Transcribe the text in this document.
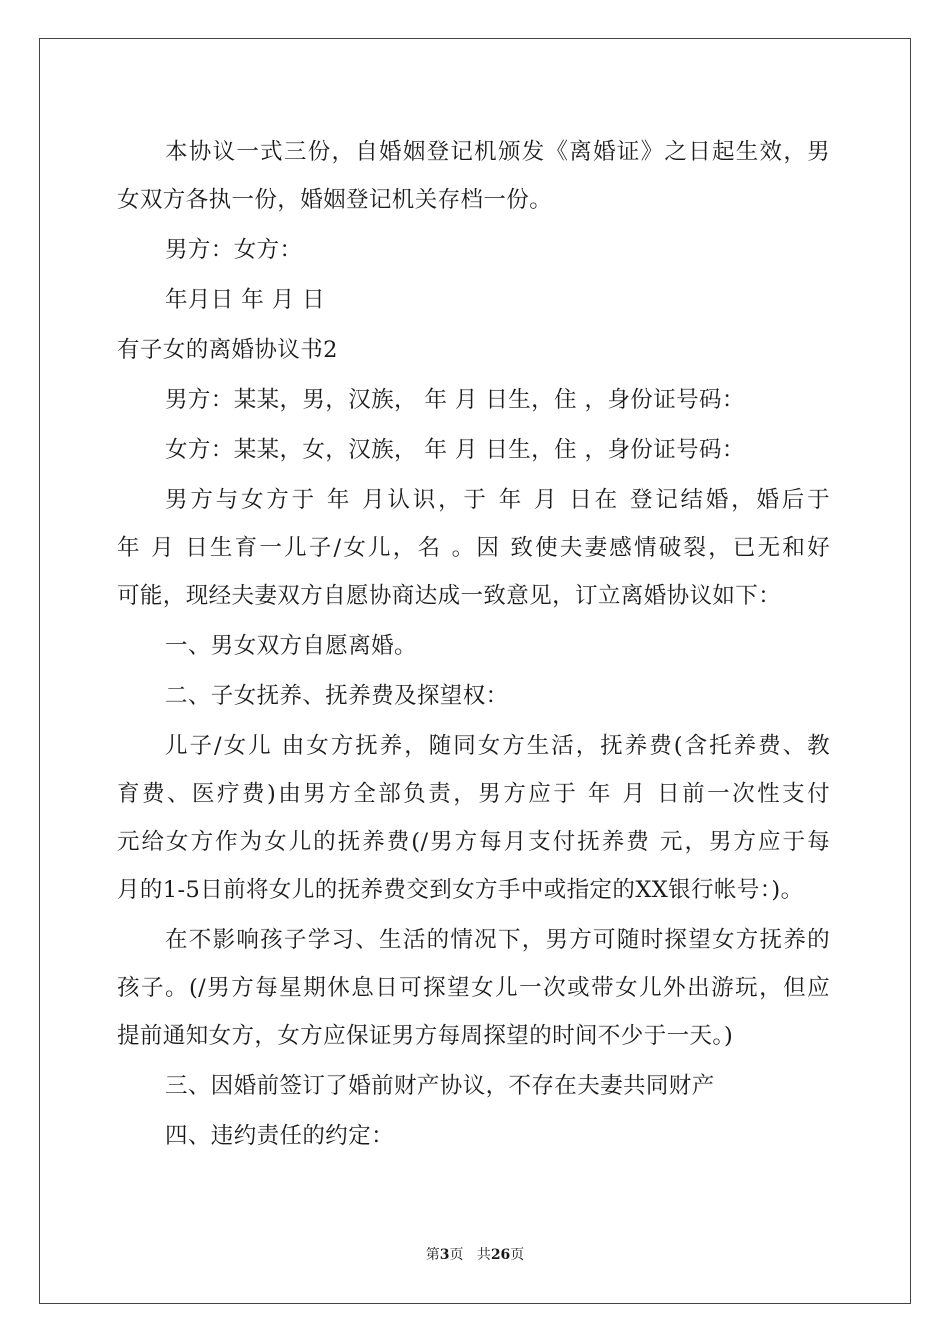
本协议一式三份，自婚姻登记机颁发《离婚证》之日起生效，男
女双方各执一份，婚姻登记机关存档一份。
男方：女方：
年月日 年 月 日
有子女的离婚协议书2
男方：某某，男，汉族， 年 月 日生，住 ，身份证号码：
女方：某某，女，汉族， 年 月 日生，住 ，身份证号码：
男方与女方于 年 月认识，于 年 月 日在 登记结婚，婚后于
年 月 日生育一儿子/女儿，名 。因 致使夫妻感情破裂，已无和好
可能，现经夫妻双方自愿协商达成一致意见，订立离婚协议如下：
一、男女双方自愿离婚。
二、子女抚养、抚养费及探望权：
儿子/女儿 由女方抚养，随同女方生活，抚养费(含托养费、教
育费、医疗费)由男方全部负责，男方应于 年 月 日前一次性支付
元给女方作为女儿的抚养费(/男方每月支付抚养费 元，男方应于每
月的1-5日前将女儿的抚养费交到女方手中或指定的XX银行帐号：)。
在不影响孩子学习、生活的情况下，男方可随时探望女方抚养的
孩子。(/男方每星期休息日可探望女儿一次或带女儿外出游玩，但应
提前通知女方，女方应保证男方每周探望的时间不少于一天。)
三、因婚前签订了婚前财产协议，不存在夫妻共同财产
四、违约责任的约定：
第3页 共26页
